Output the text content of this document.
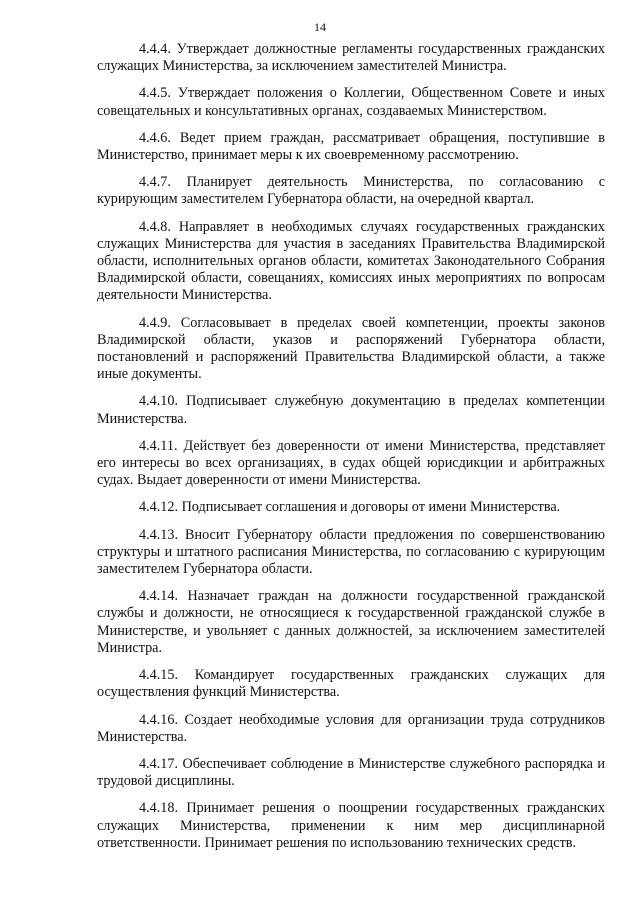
14

4.4.4. Утверждает должностные регламенты государственных гражданских служащих Министерства, за исключением заместителей Министра.

4.4.5. Утверждает положения о Коллегии, Общественном Совете и иных совещательных и консультативных органах, создаваемых Министерством.

4.4.6. Ведет прием граждан, рассматривает обращения, поступившие в Министерство, принимает меры к их своевременному рассмотрению.

4.4.7. Планирует деятельность Министерства, по согласованию с курирующим заместителем Губернатора области, на очередной квартал.

4.4.8. Направляет в необходимых случаях государственных гражданских служащих Министерства для участия в заседаниях Правительства Владимирской области, исполнительных органов области, комитетах Законодательного Собрания Владимирской области, совещаниях, комиссиях иных мероприятиях по вопросам деятельности Министерства.

4.4.9. Согласовывает в пределах своей компетенции, проекты законов Владимирской области, указов и распоряжений Губернатора области, постановлений и распоряжений Правительства Владимирской области, а также иные документы.

4.4.10. Подписывает служебную документацию в пределах компетенции Министерства.

4.4.11. Действует без доверенности от имени Министерства, представляет его интересы во всех организациях, в судах общей юрисдикции и арбитражных судах. Выдает доверенности от имени Министерства.

4.4.12. Подписывает соглашения и договоры от имени Министерства.

4.4.13. Вносит Губернатору области предложения по совершенствованию структуры и штатного расписания Министерства, по согласованию с курирующим заместителем Губернатора области.

4.4.14. Назначает граждан на должности государственной гражданской службы и должности, не относящиеся к государственной гражданской службе в Министерстве, и увольняет с данных должностей, за исключением заместителей Министра.

4.4.15. Командирует государственных гражданских служащих для осуществления функций Министерства.

4.4.16. Создает необходимые условия для организации труда сотрудников Министерства.

4.4.17. Обеспечивает соблюдение в Министерстве служебного распорядка и трудовой дисциплины.

4.4.18. Принимает решения о поощрении государственных гражданских служащих Министерства, применении к ним мер дисциплинарной ответственности. Принимает решения по использованию технических средств.
